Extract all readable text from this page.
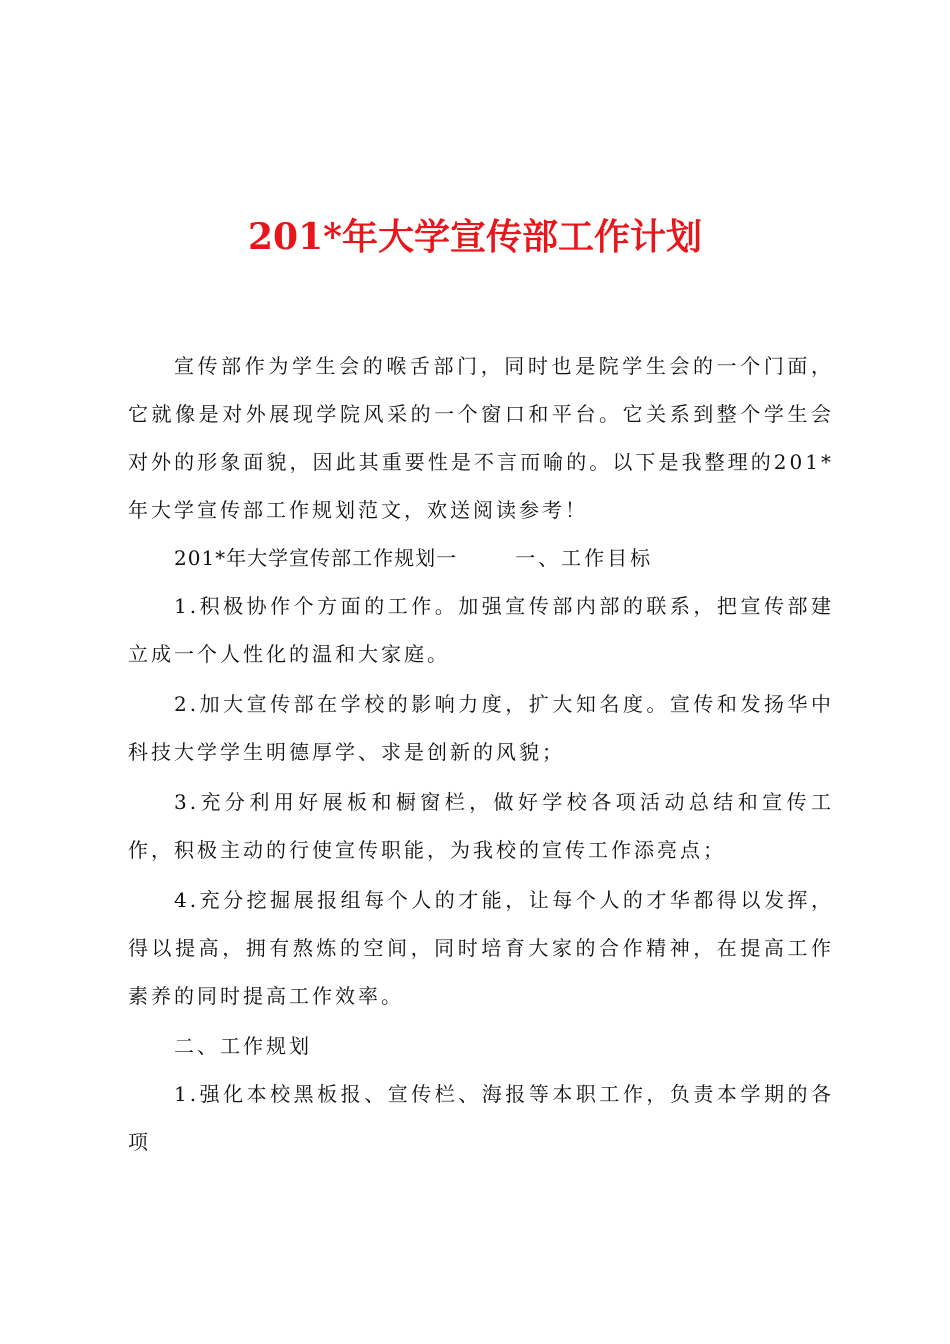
201*年大学宣传部工作计划

宣传部作为学生会的喉舌部门，同时也是院学生会的一个门面，它就像是对外展现学院风采的一个窗口和平台。它关系到整个学生会对外的形象面貌，因此其重要性是不言而喻的。以下是我整理的201*年大学宣传部工作规划范文，欢送阅读参考！

201*年大学宣传部工作规划一	一、工作目标

1.积极协作个方面的工作。加强宣传部内部的联系，把宣传部建立成一个人性化的温和大家庭。

2.加大宣传部在学校的影响力度，扩大知名度。宣传和发扬华中科技大学学生明德厚学、求是创新的风貌；

3.充分利用好展板和橱窗栏，做好学校各项活动总结和宣传工作，积极主动的行使宣传职能，为我校的宣传工作添亮点；

4.充分挖掘展报组每个人的才能，让每个人的才华都得以发挥，得以提高，拥有熬炼的空间，同时培育大家的合作精神，在提高工作素养的同时提高工作效率。

二、工作规划

1.强化本校黑板报、宣传栏、海报等本职工作，负责本学期的各项
